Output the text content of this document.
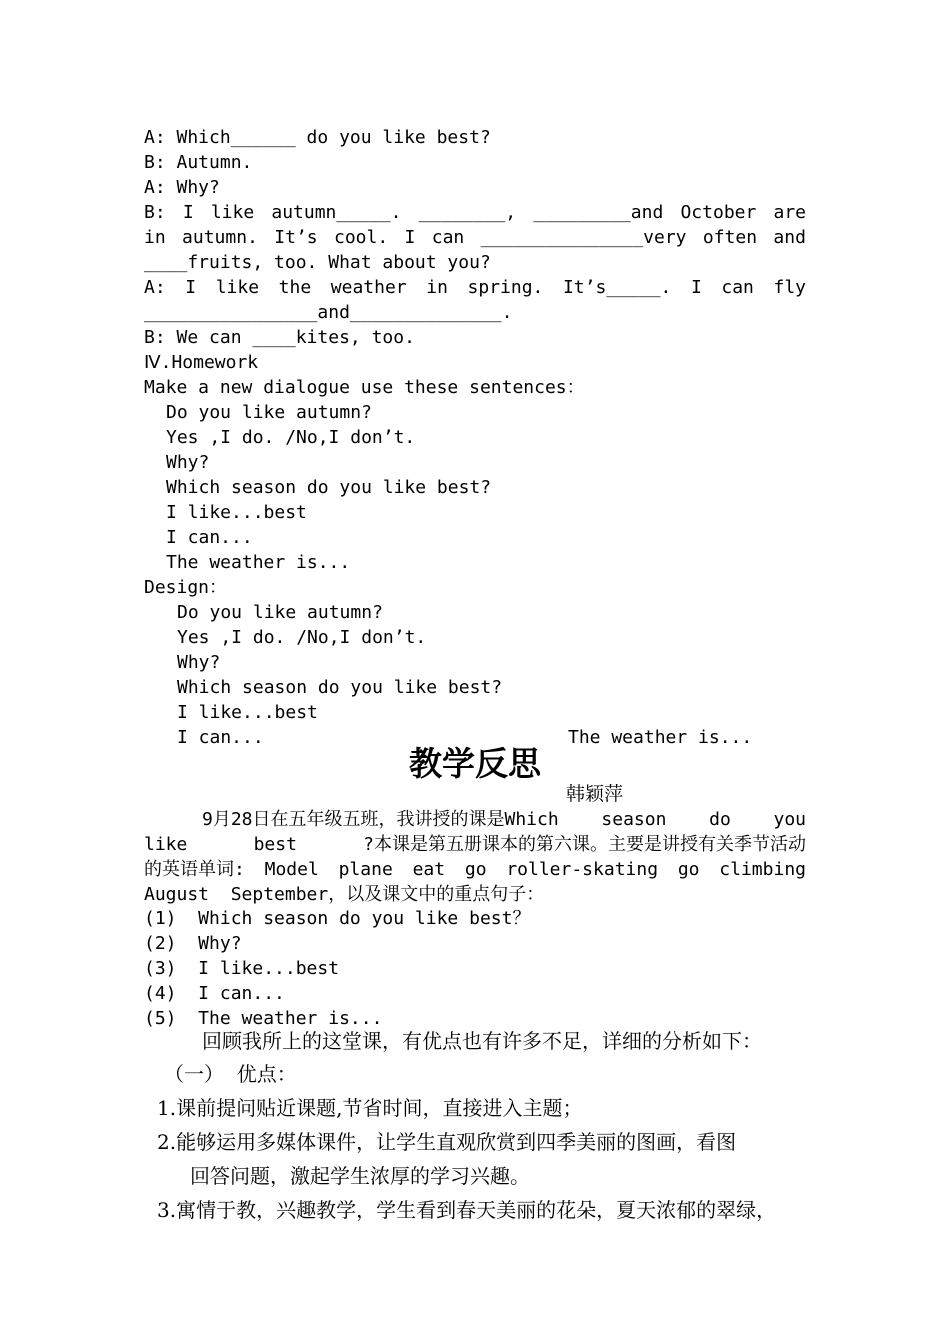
A: Which______ do you like best?
B: Autumn.
A: Why?
B: I like autumn_____. ________, _________and October are
in autumn. It’s cool. I can _______________very often and
____fruits, too. What about you?
A: I like the weather in spring. It’s_____. I can fly
________________and______________.
B: We can ____kites, too.
Ⅳ.Homework
Make a new dialogue use these sentences：
Do you like autumn?
Yes ,I do. /No,I don’t.
Why?
Which season do you like best?
I like...best
I can...
The weather is...
Design：
Do you like autumn?
Yes ,I do. /No,I don’t.
Why?
Which season do you like best?
I like...best
I can...	The weather is...
教学反思
韩颖萍
9月28日在五年级五班，我讲授的课是Which season do you
like	best	?本课是第五册课本的第六课。主要是讲授有关季节活动
的英语单词: Model plane eat go roller-skating go climbing
August  September，以及课文中的重点句子：
(1)  Which season do you like best？
(2)  Why?
(3)  I like...best
(4)  I can...
(5)  The weather is...
回顾我所上的这堂课，有优点也有许多不足，详细的分析如下：
（一）  优点：
1.课前提问贴近课题,节省时间，直接进入主题；
2.能够运用多媒体课件，让学生直观欣赏到四季美丽的图画，看图
回答问题，激起学生浓厚的学习兴趣。
3.寓情于教，兴趣教学，学生看到春天美丽的花朵，夏天浓郁的翠绿，
